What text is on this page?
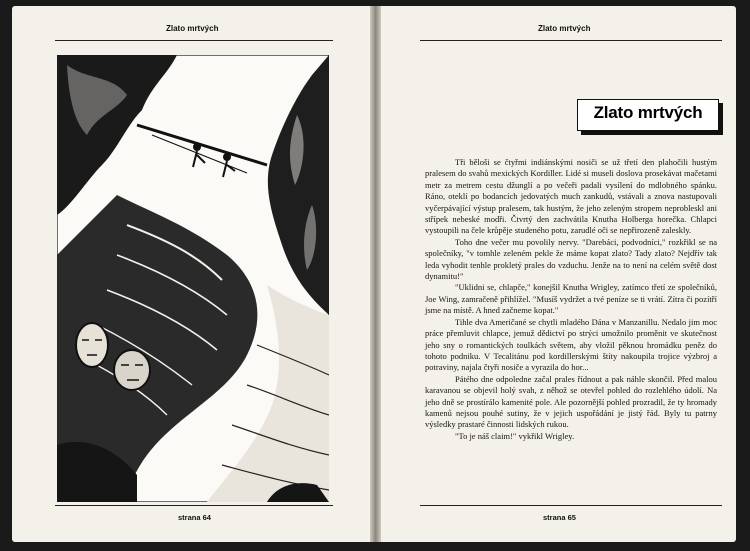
Zlato mrtvých
strana 64
Zlato mrtvých
Zlato mrtvých

Tři běloši se čtyřmi indiánskými nosiči se už třetí den plahočili hustým pralesem do svahů mexických Kordiller. Lidé si museli doslova prosekávat mačetami metr za metrem cestu džunglí a po večeři padali vysílení do mdlobného spánku. Ráno, oteklí po bodancích jedovatých much zankudů, vstávali a znova nastupovali vyčerpávající výstup pralesem, tak hustým, že jeho zeleným stropem neprobleskl ani střípek nebeské modři. Čtvrtý den zachvátila Knutha Holberga horečka. Chlapci vystoupili na čele krůpěje studeného potu, zarudlé oči se nepřirozeně zaleskly.

Toho dne večer mu povolily nervy. "Darebáci, podvodníci," rozkřikl se na společníky, "v tomhle zeleném pekle že máme kopat zlato? Tady zlato? Nejdřív tak leda vyhodit tenhle prokletý prales do vzduchu. Jenže na to není na celém světě dost dynamitu!"

"Uklidni se, chlapče," konejšil Knutha Wrigley, zatímco třetí ze společníků, Joe Wing, zamračeně přihlížel. "Musíš vydržet a tvé peníze se ti vrátí. Zítra či pozítří jsme na místě. A hned začneme kopat."

Tihle dva Američané se chytli mladého Dána v Manzanillu. Nedalo jim moc práce přemluvit chlapce, jemuž dědictví po strýci umožnilo proměnit ve skutečnost jeho sny o romantických toulkách světem, aby vložil pěknou hromádku peněz do tohoto podniku. V Tecalitánu pod kordillerskými štíty nakoupila trojice výzbroj a potraviny, najala čtyři nosiče a vyrazila do hor...

Pátého dne odpoledne začal prales řídnout a pak náhle skončil. Před malou karavanou se objevil holý svah, z něhož se otevřel pohled do rozlehlého údolí. Na jeho dně se prostírálo kamenité pole. Ale pozornější pohled prozradil, že ty hromady kamenů nejsou pouhé sutiny, že v jejich uspořádání je jistý řád. Byly tu patrny výsledky prastaré činnosti lidských rukou.

"To je náš claim!" vykřikl Wrigley.

strana 65
